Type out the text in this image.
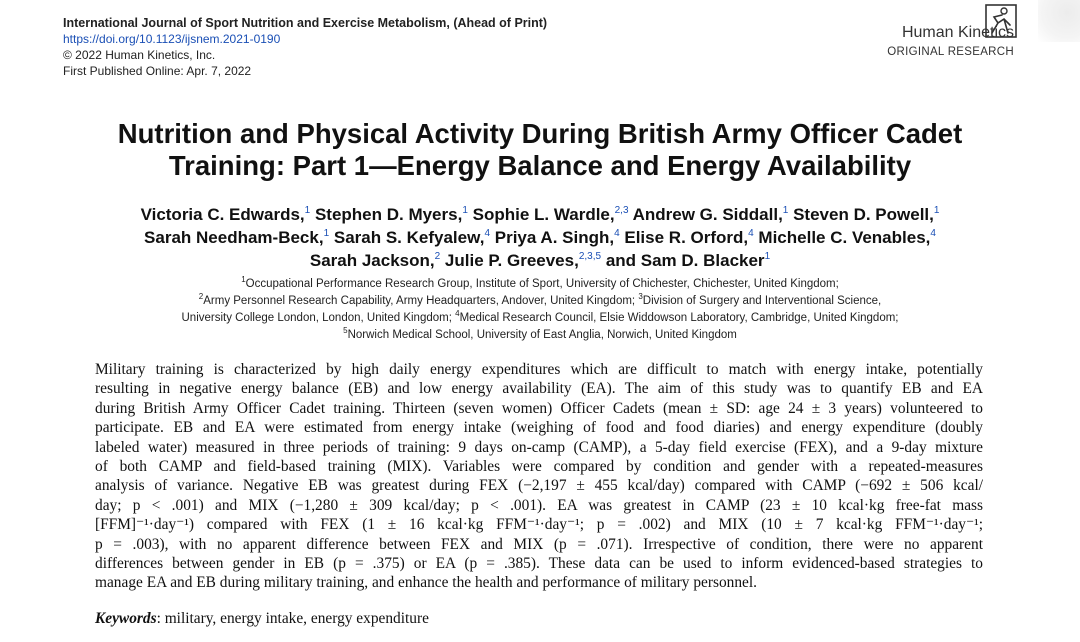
International Journal of Sport Nutrition and Exercise Metabolism, (Ahead of Print)
https://doi.org/10.1123/ijsnem.2021-0190
© 2022 Human Kinetics, Inc.
First Published Online: Apr. 7, 2022
Human Kinetics
ORIGINAL RESEARCH
Nutrition and Physical Activity During British Army Officer Cadet
Training: Part 1—Energy Balance and Energy Availability
Victoria C. Edwards,$^1$ Stephen D. Myers,$^1$ Sophie L. Wardle,$^{2,3}$ Andrew G. Siddall,$^1$ Steven D. Powell,$^1$
Sarah Needham-Beck,$^1$ Sarah S. Kefyalew,$^4$ Priya A. Singh,$^4$ Elise R. Orford,$^4$ Michelle C. Venables,$^4$
Sarah Jackson,$^2$ Julie P. Greeves,$^{2,3,5}$ and Sam D. Blacker$^1$
$^1$Occupational Performance Research Group, Institute of Sport, University of Chichester, Chichester, United Kingdom;
$^2$Army Personnel Research Capability, Army Headquarters, Andover, United Kingdom; $^3$Division of Surgery and Interventional Science,
University College London, London, United Kingdom; $^4$Medical Research Council, Elsie Widdowson Laboratory, Cambridge, United Kingdom;
$^5$Norwich Medical School, University of East Anglia, Norwich, United Kingdom
Military training is characterized by high daily energy expenditures which are difficult to match with energy intake, potentially
resulting in negative energy balance (EB) and low energy availability (EA). The aim of this study was to quantify EB and EA
during British Army Officer Cadet training. Thirteen (seven women) Officer Cadets (mean ± SD: age 24 ± 3 years) volunteered to
participate. EB and EA were estimated from energy intake (weighing of food and food diaries) and energy expenditure (doubly
labeled water) measured in three periods of training: 9 days on-camp (CAMP), a 5-day field exercise (FEX), and a 9-day mixture
of both CAMP and field-based training (MIX). Variables were compared by condition and gender with a repeated-measures
analysis of variance. Negative EB was greatest during FEX (−2,197 ± 455 kcal/day) compared with CAMP (−692 ± 506 kcal/
day; p < .001) and MIX (−1,280 ± 309 kcal/day; p < .001). EA was greatest in CAMP (23 ± 10 kcal·kg free-fat mass
[FFM]⁻¹·day⁻¹) compared with FEX (1 ± 16 kcal·kg FFM⁻¹·day⁻¹; p = .002) and MIX (10 ± 7 kcal·kg FFM⁻¹·day⁻¹;
p = .003), with no apparent difference between FEX and MIX (p = .071). Irrespective of condition, there were no apparent
differences between gender in EB (p = .375) or EA (p = .385). These data can be used to inform evidenced-based strategies to
manage EA and EB during military training, and enhance the health and performance of military personnel.
Keywords: military, energy intake, energy expenditure
